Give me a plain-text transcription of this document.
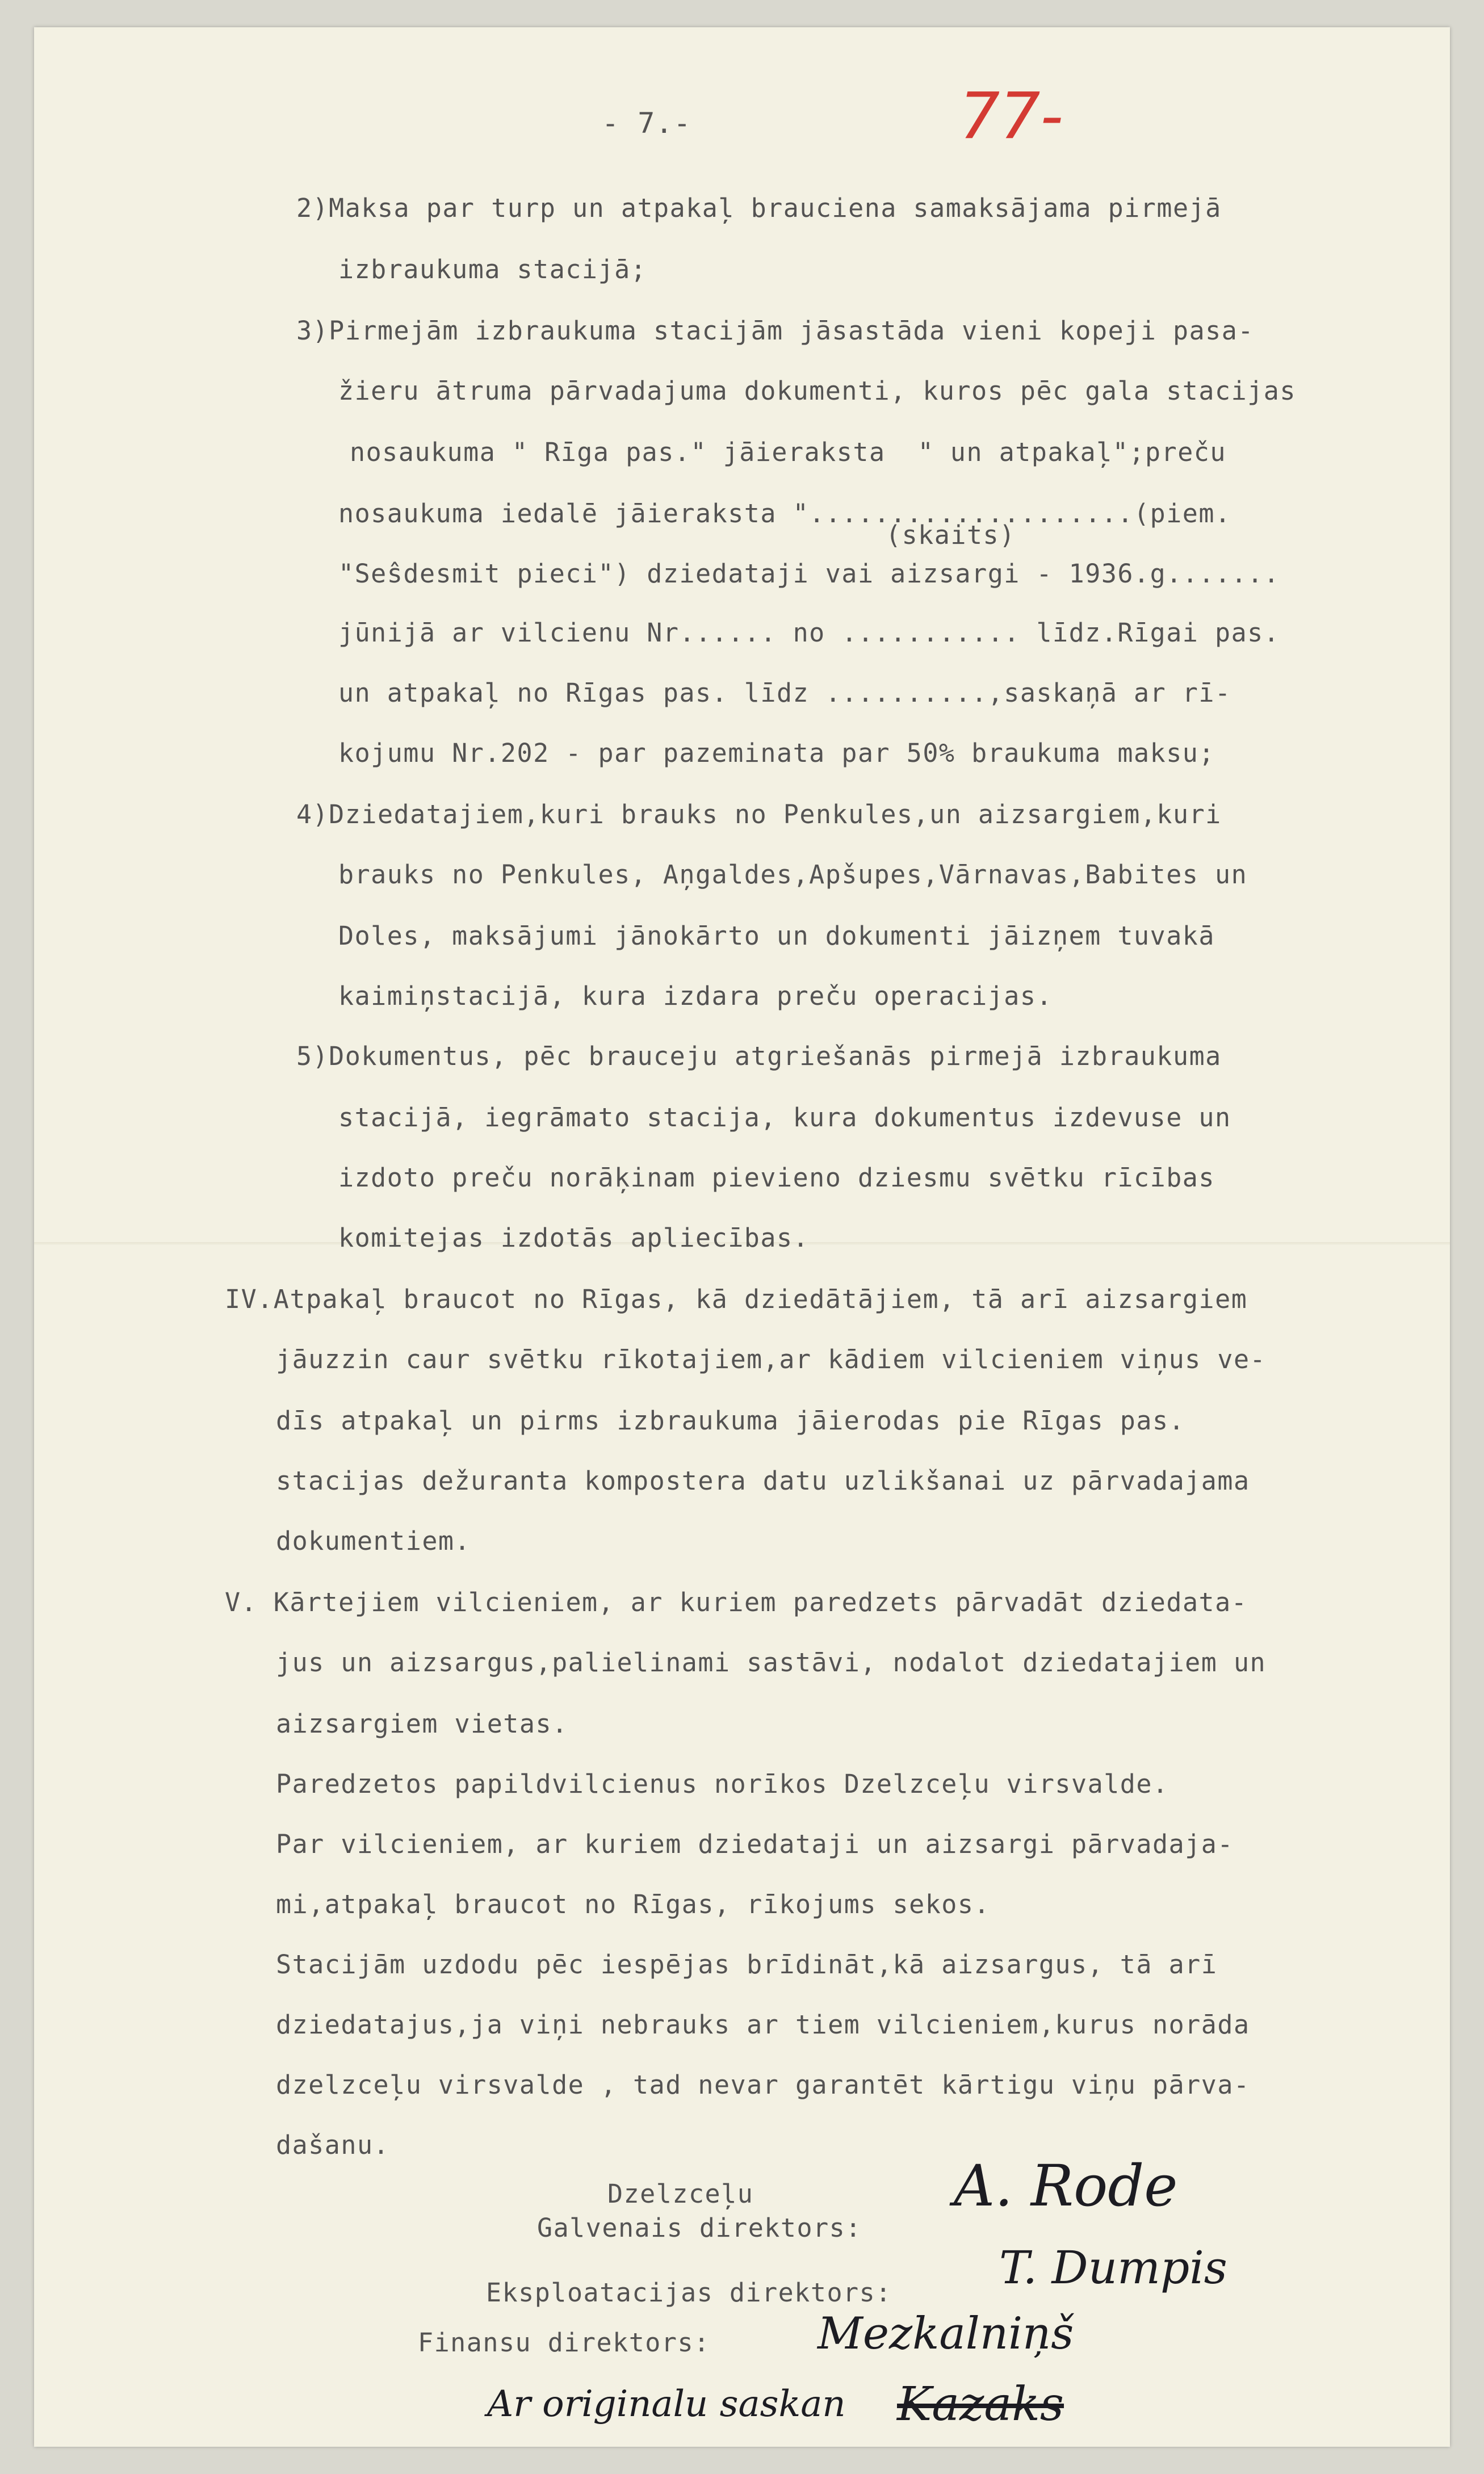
- 7.-	77-
2)Maksa par turp un atpakaļ brauciena samaksājama pirmejā
izbraukuma stacijā;
3)Pirmejām izbraukuma stacijām jāsastāda vieni kopeji pasa-
žieru ātruma pārvadajuma dokumenti, kuros pēc gala stacijas
nosaukuma " Rīga pas." jāieraksta  " un atpakaļ";preču
nosaukuma iedalē jāieraksta "....................(piem.
(skaits)
"Seŝdesmit pieci") dziedataji vai aizsargi - 1936.g.......
jūnijā ar vilcienu Nr...... no ........... līdz.Rīgai pas.
un atpakaļ no Rīgas pas. līdz ..........,saskaņā ar rī-
kojumu Nr.202 - par pazeminata par 50% braukuma maksu;
4)Dziedatajiem,kuri brauks no Penkules,un aizsargiem,kuri
brauks no Penkules, Aņgaldes,Apšupes,Vārnavas,Babites un
Doles, maksājumi jānokārto un dokumenti jāizņem tuvakā
kaimiņstacijā, kura izdara preču operacijas.
5)Dokumentus, pēc brauceju atgriešanās pirmejā izbraukuma
stacijā, iegrāmato stacija, kura dokumentus izdevuse un
izdoto preču norāķinam pievieno dziesmu svētku rīcības
komitejas izdotās apliecības.
IV.Atpakaļ braucot no Rīgas, kā dziedātājiem, tā arī aizsargiem
jāuzzin caur svētku rīkotajiem,ar kādiem vilcieniem viņus ve-
dīs atpakaļ un pirms izbraukuma jāierodas pie Rīgas pas.
stacijas dežuranta kompostera datu uzlikšanai uz pārvadajama
dokumentiem.
V. Kārtejiem vilcieniem, ar kuriem paredzets pārvadāt dziedata-
jus un aizsargus,palielinami sastāvi, nodalot dziedatajiem un
aizsargiem vietas.
Paredzetos papildvilcienus norīkos Dzelzceļu virsvalde.
Par vilcieniem, ar kuriem dziedataji un aizsargi pārvadaja-
mi,atpakaļ braucot no Rīgas, rīkojums sekos.
Stacijām uzdodu pēc iespējas brīdināt,kā aizsargus, tā arī
dziedatajus,ja viņi nebrauks ar tiem vilcieniem,kurus norāda
dzelzceļu virsvalde , tad nevar garantēt kārtigu viņu pārva-
dašanu.
Dzelzceļu
Galvenais direktors:
Eksploatacijas direktors:
Finansu direktors:
A. Rode
T. Dumpis
Mezkalniņš
Ar originalu saskan Kazaks
